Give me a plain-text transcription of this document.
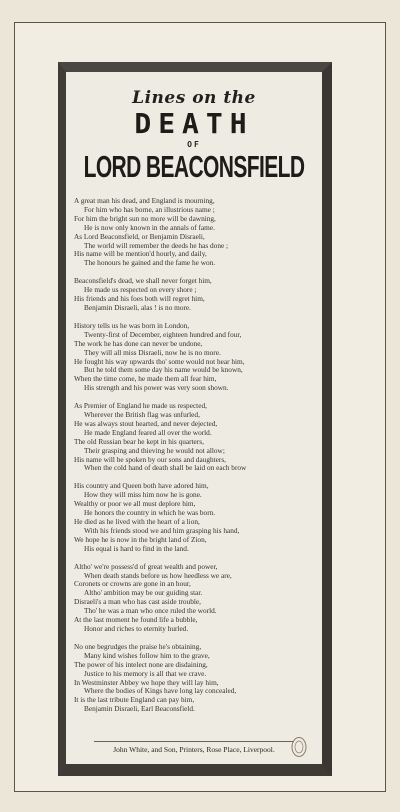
Lines on the
DEATH
OF
LORD BEACONSFIELD
A great man his dead, and England is mourning,
For him who has borne, an illustrious name ;
For him the bright sun no more will be dawning,
He is now only known in the annals of fame.
As Lord Beaconsfield, or Benjamin Disraeli,
The world will remember the deeds he has done ;
His name will be mention'd hourly, and daily,
The honours he gained and the fame he won.
Beaconsfield's dead, we shall never forget him,
He made us respected on every shore ;
His friends and his foes both will regret him,
Benjamin Disraeli, alas ! is no more.
History tells us he was born in London,
Twenty-first of December, eighteen hundred and four,
The work he has done can never be undone,
They will all miss Disraeli, now he is no more.
He fought his way upwards tho' some would not hear him,
But he told them some day his name would be known,
When the time come, he made them all fear him,
His strength and his power was very soon shown.
As Premier of England he made us respected,
Wherever the British flag was unfurled,
He was always stout hearted, and never dejected,
He made England feared all over the world.
The old Russian bear he kept in his quarters,
Their grasping and thieving he would not allow;
His name will be spoken by our sons and daughters,
When the cold hand of death shall be laid on each brow
His country and Queen both have adored him,
How they will miss him now he is gone.
Wealthy or poor we all must deplore him,
He honors the country in which he was born.
He died as he lived with the heart of a lion,
With his friends stood we and him grasping his hand,
We hope he is now in the bright land of Zion,
His equal is hard to find in the land.
Altho' we're possess'd of great wealth and power,
When death stands before us how heedless we are,
Coronets or crowns are gone in an hour,
Altho' ambition may be our guiding star.
Disraeli's a man who has cast aside trouble,
Tho' he was a man who once ruled the world.
At the last moment he found life a bubble,
Honor and riches to eternity hurled.
No one begrudges the praise he's obtaining,
Many kind wishes follow him to the grave,
The power of his intelect none are disdaining,
Justice to his memory is all that we crave.
In Westminster Abbey we hope they will lay him,
Where the bodies of Kings have long lay concealed,
It is the last tribute England can pay him,
Benjamin Disraeli, Earl Beaconsfield.
John White, and Son, Printers, Rose Place, Liverpool.
